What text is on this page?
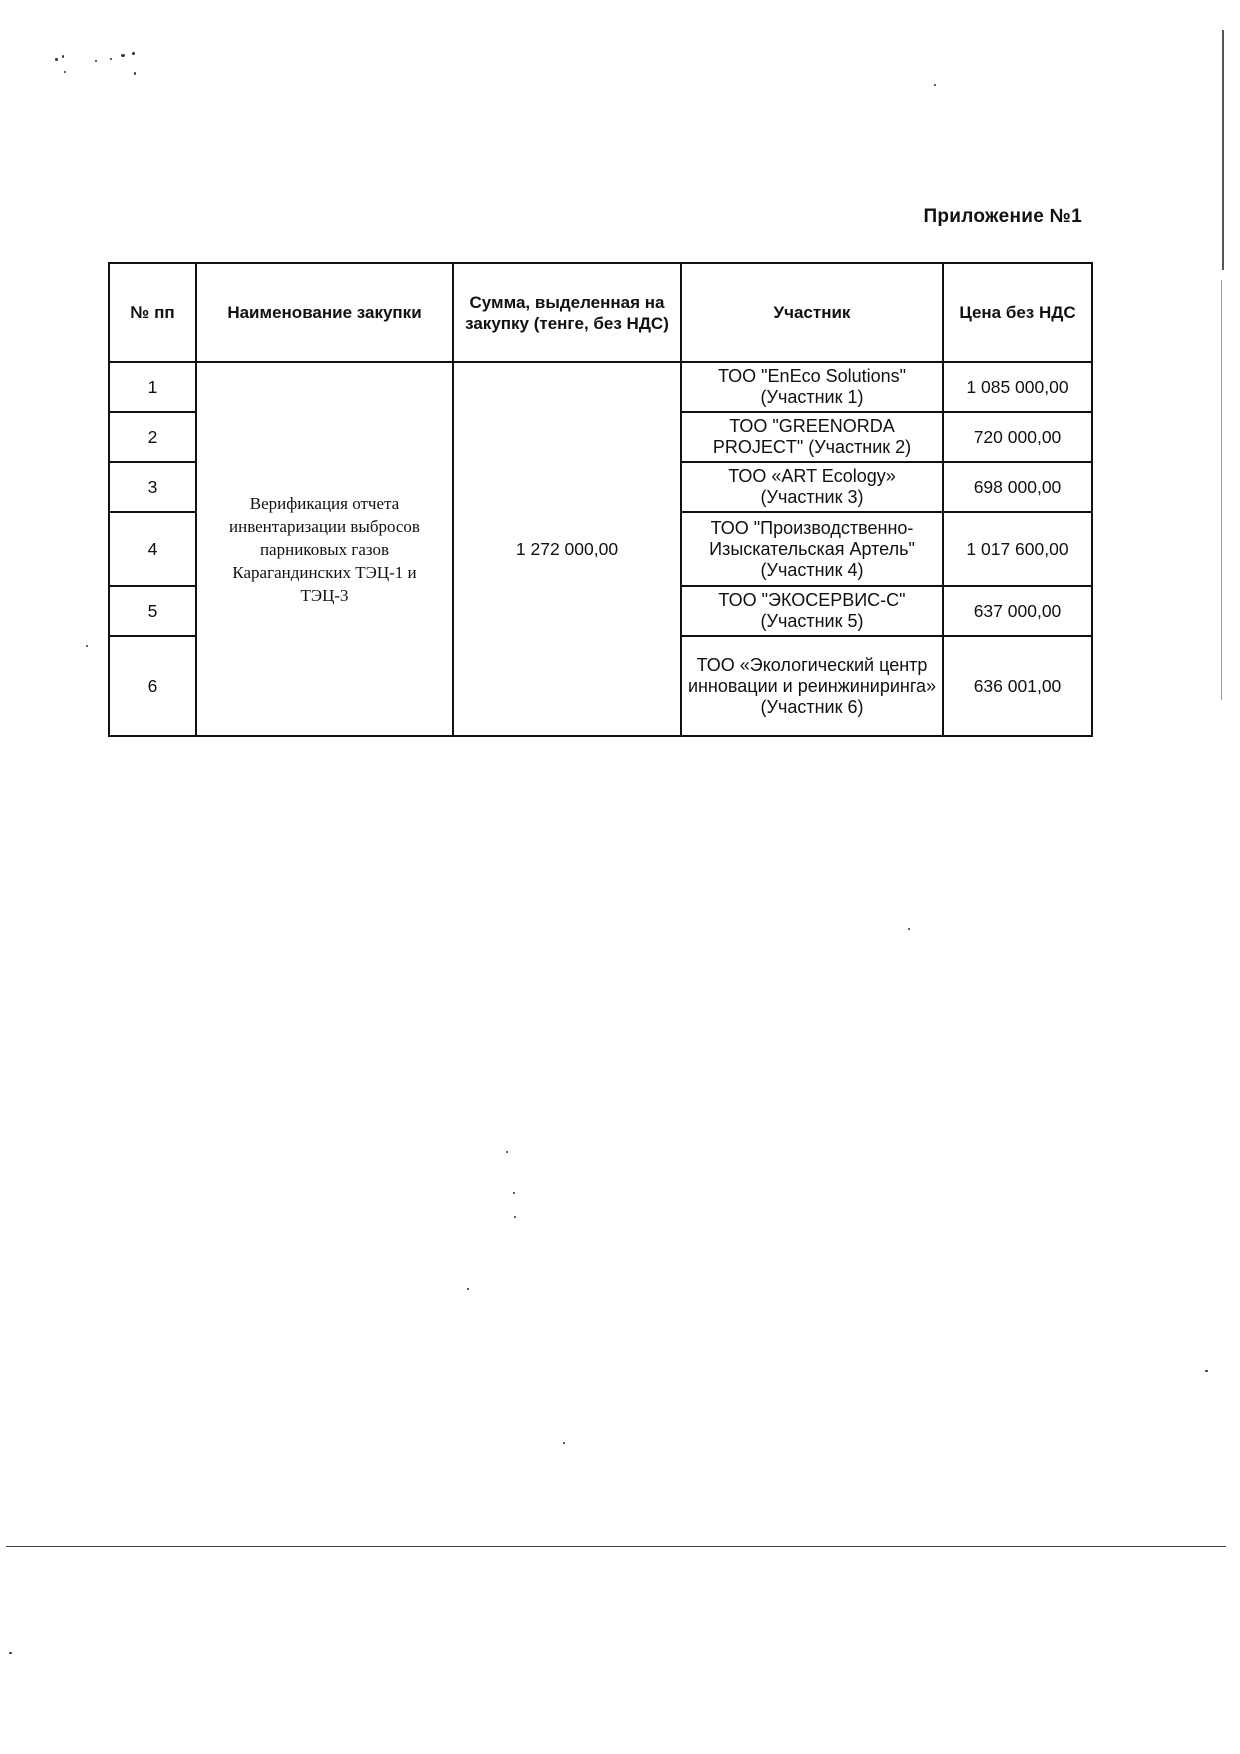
Приложение №1
№ пп	Наименование закупки	Сумма, выделенная на закупку (тенге, без НДС)	Участник	Цена без НДС
1	Верификация отчета инвентаризации выбросов парниковых газов Карагандинских ТЭЦ-1 и ТЭЦ-3	1 272 000,00	ТОО "EnEco Solutions" (Участник 1)	1 085 000,00
2			ТОО "GREENORDA PROJECT" (Участник 2)	720 000,00
3			ТОО «ART Ecology» (Участник 3)	698 000,00
4			ТОО "Производственно-Изыскательская Артель" (Участник 4)	1 017 600,00
5			ТОО "ЭКОСЕРВИС-С" (Участник 5)	637 000,00
6			ТОО «Экологический центр инновации и реинжиниринга» (Участник 6)	636 001,00
